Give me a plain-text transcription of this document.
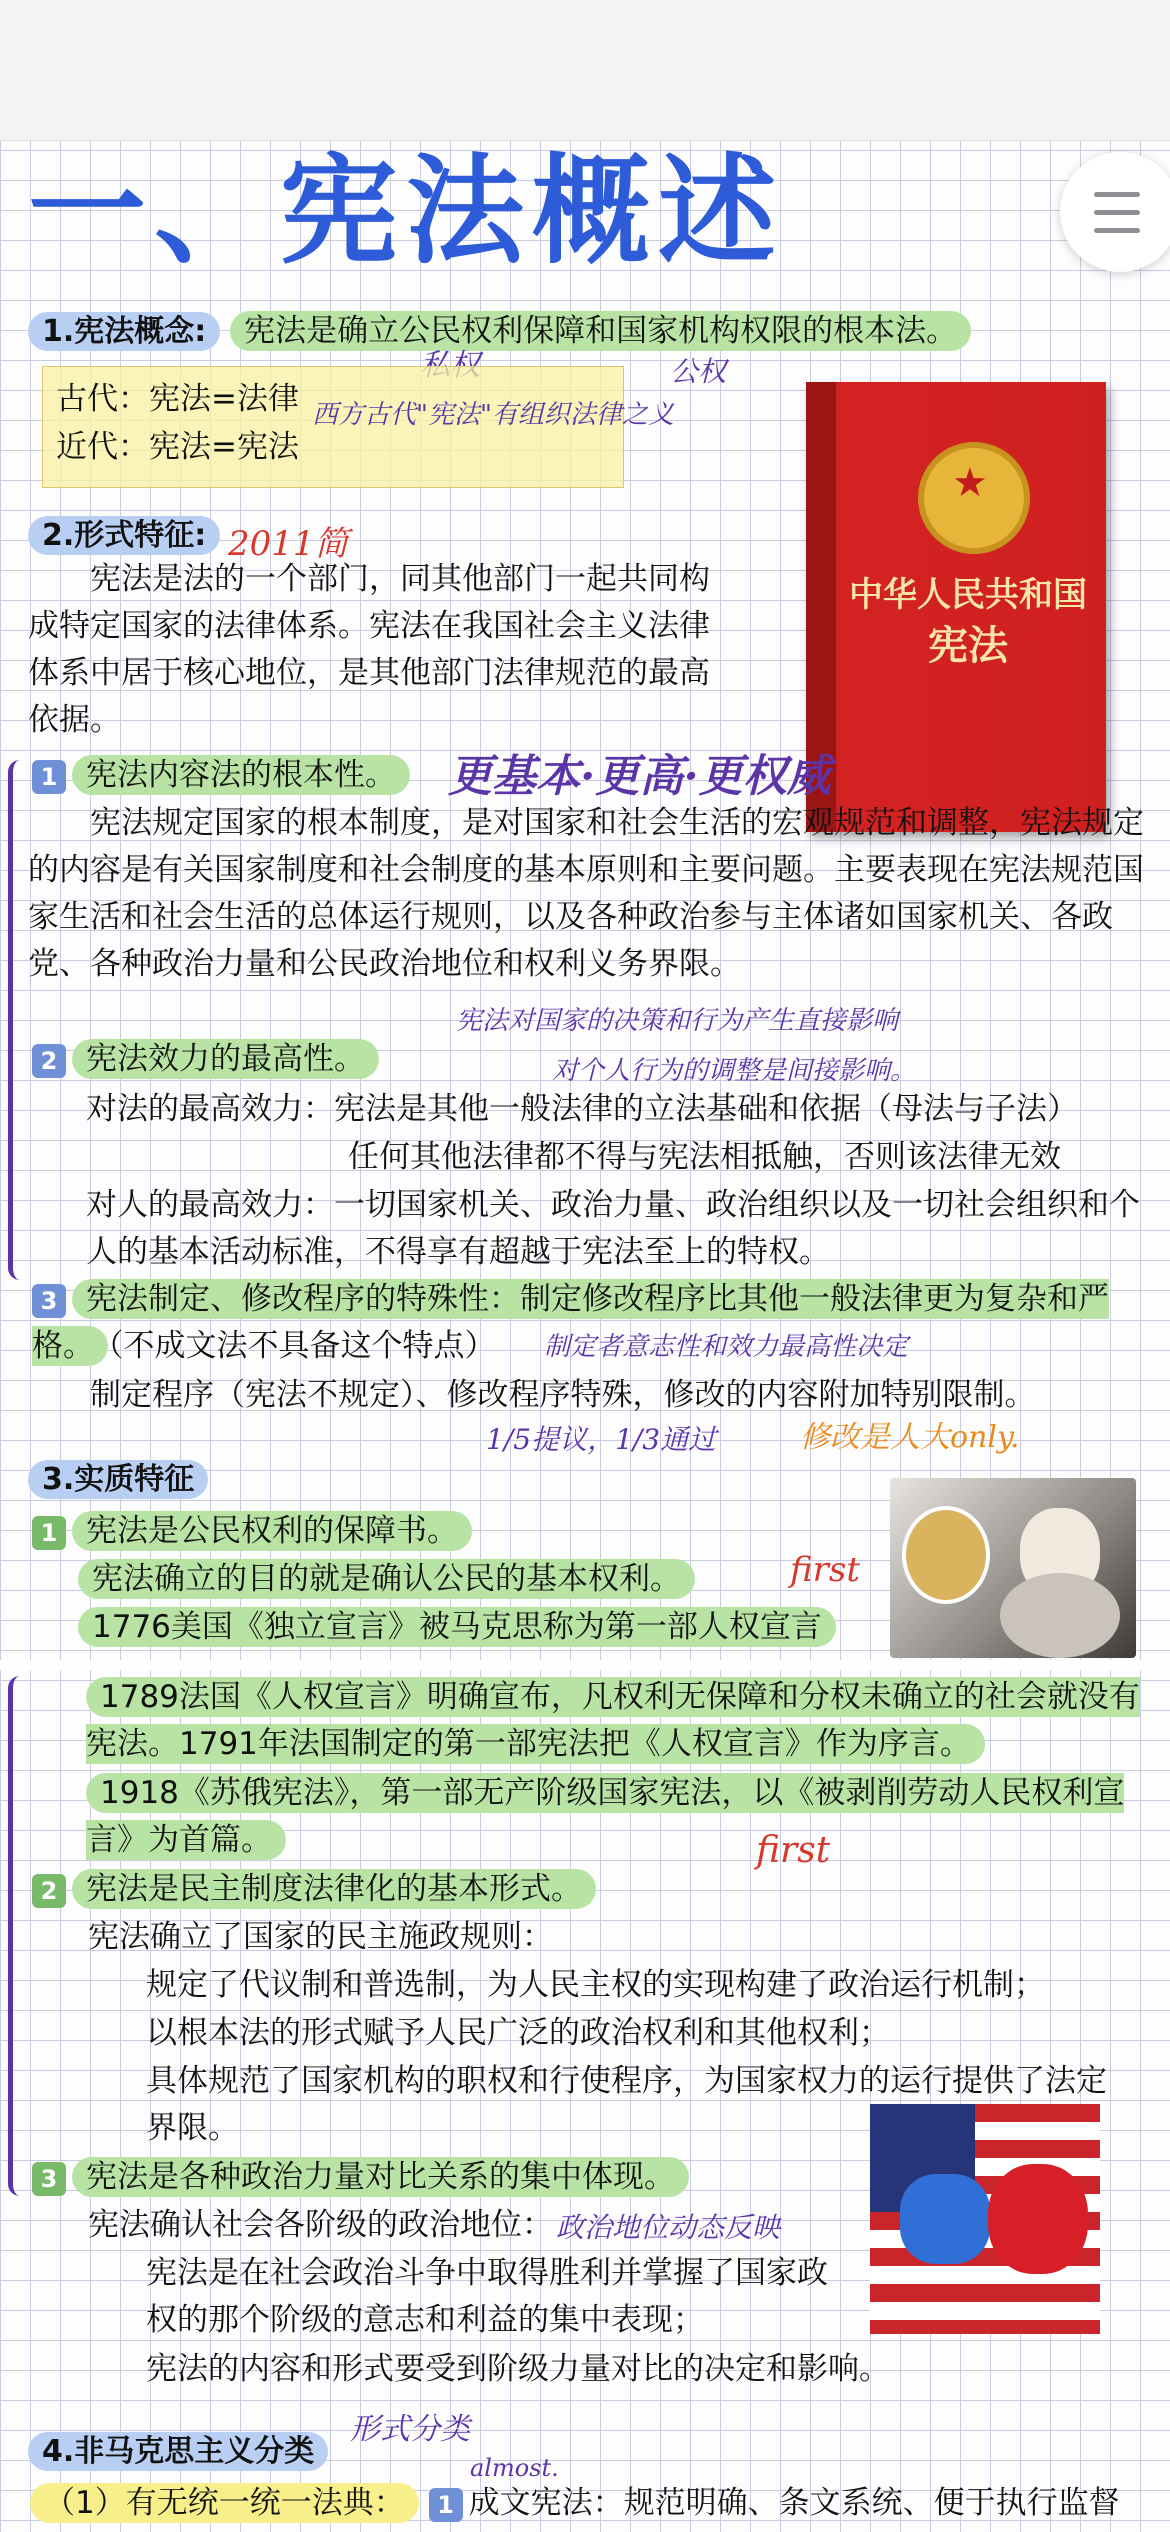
一、宪法概述
1.宪法概念: 宪法是确立公民权利保障和国家机构权限的根本法。
公权
古代：宪法=法律
近代：宪法=宪法
西方古代"宪法"有组织法律之义
★
中华人民共和国
宪法
2.形式特征: 2011简
宪法是法的一个部门，同其他部门一起共同构成特定国家的法律体系。宪法在我国社会主义法律体系中居于核心地位，是其他部门法律规范的最高依据。
1 宪法内容法的根本性。	更基本·更高·更权威
宪法规定国家的根本制度，是对国家和社会生活的宏观规范和调整，宪法规定的内容是有关国家制度和社会制度的基本原则和主要问题。主要表现在宪法规范国家生活和社会生活的总体运行规则，以及各种政治参与主体诸如国家机关、各政党、各种政治力量和公民政治地位和权利义务界限。
宪法对国家的决策和行为产生直接影响
2 宪法效力的最高性。	对个人行为的调整是间接影响。
对法的最高效力：宪法是其他一般法律的立法基础和依据（母法与子法）
任何其他法律都不得与宪法相抵触，否则该法律无效
对人的最高效力：一切国家机关、政治力量、政治组织以及一切社会组织和个人的基本活动标准，不得享有超越于宪法至上的特权。
3 宪法制定、修改程序的特殊性：制定修改程序比其他一般法律更为复杂和严格。 （不成文法不具备这个特点）	制定者意志性和效力最高性决定
制定程序（宪法不规定）、修改程序特殊，修改的内容附加特别限制。
1/5提议，1/3通过	修改是人大only.
3.实质特征
1 宪法是公民权利的保障书。
宪法确立的目的就是确认公民的基本权利。	first
1776美国《独立宣言》被马克思称为第一部人权宣言
1789法国《人权宣言》明确宣布，凡权利无保障和分权未确立的社会就没有宪法。1791年法国制定的第一部宪法把《人权宣言》作为序言。
1918《苏俄宪法》，第一部无产阶级国家宪法，以《被剥削劳动人民权利宣言》为首篇。	first
2 宪法是民主制度法律化的基本形式。
宪法确立了国家的民主施政规则：
规定了代议制和普选制，为人民主权的实现构建了政治运行机制；
以根本法的形式赋予人民广泛的政治权利和其他权利；
具体规范了国家机构的职权和行使程序，为国家权力的运行提供了法定界限。
3 宪法是各种政治力量对比关系的集中体现。
宪法确认社会各阶级的政治地位： 政治地位动态反映
宪法是在社会政治斗争中取得胜利并掌握了国家政权的那个阶级的意志和利益的集中表现；
宪法的内容和形式要受到阶级力量对比的决定和影响。
4.非马克思主义分类
形式分类
almost.
（1）有无统一统一法典： 1 成文宪法：规范明确、条文系统、便于执行监督
